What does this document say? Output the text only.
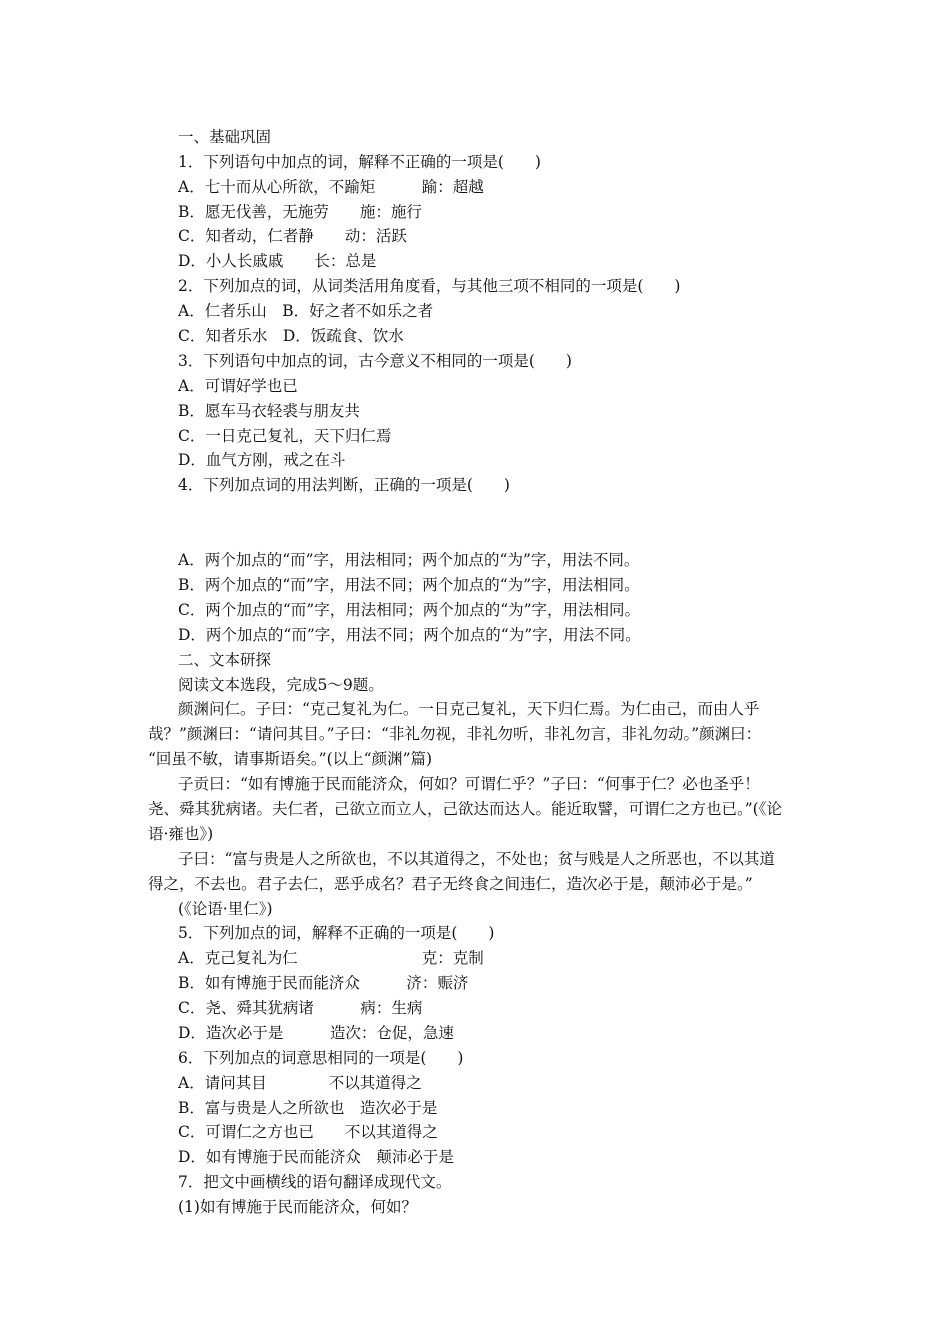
一、基础巩固
1．下列语句中加点的词，解释不正确的一项是(　　)
A．七十而从心所欲，不踰矩　　　踰：超越
B．愿无伐善，无施劳　　施：施行
C．知者动，仁者静　　动：活跃
D．小人长戚戚　　长：总是
2．下列加点的词，从词类活用角度看，与其他三项不相同的一项是(　　)
A．仁者乐山　B．好之者不如乐之者
C．知者乐水　D．饭疏食、饮水
3．下列语句中加点的词，古今意义不相同的一项是(　　)
A．可谓好学也已
B．愿车马衣轻裘与朋友共
C．一日克己复礼，天下归仁焉
D．血气方刚，戒之在斗
4．下列加点词的用法判断，正确的一项是(　　)
A．两个加点的“而”字，用法相同；两个加点的“为”字，用法不同。
B．两个加点的“而”字，用法不同；两个加点的“为”字，用法相同。
C．两个加点的“而”字，用法相同；两个加点的“为”字，用法相同。
D．两个加点的“而”字，用法不同；两个加点的“为”字，用法不同。
二、文本研探
阅读文本选段，完成5～9题。
颜渊问仁。子曰：“克己复礼为仁。一日克己复礼，天下归仁焉。为仁由己，而由人乎
哉？”颜渊曰：“请问其目。”子曰：“非礼勿视，非礼勿听，非礼勿言，非礼勿动。”颜渊曰：
“回虽不敏，请事斯语矣。”(以上“颜渊”篇)
子贡曰：“如有博施于民而能济众，何如？可谓仁乎？”子曰：“何事于仁？必也圣乎！
尧、舜其犹病诸。夫仁者，己欲立而立人，己欲达而达人。能近取譬，可谓仁之方也已。”(《论
语·雍也》)
子曰：“富与贵是人之所欲也，不以其道得之，不处也；贫与贱是人之所恶也，不以其道
得之，不去也。君子去仁，恶乎成名？君子无终食之间违仁，造次必于是，颠沛必于是。”
(《论语·里仁》)
5．下列加点的词，解释不正确的一项是(　　)
A．克己复礼为仁　　　　　　　　克：克制
B．如有博施于民而能济众　　　济：赈济
C．尧、舜其犹病诸　　　病：生病
D．造次必于是　　　造次：仓促，急速
6．下列加点的词意思相同的一项是(　　)
A．请问其目　　　　不以其道得之
B．富与贵是人之所欲也　造次必于是
C．可谓仁之方也已　　不以其道得之
D．如有博施于民而能济众　颠沛必于是
7．把文中画横线的语句翻译成现代文。
(1)如有博施于民而能济众，何如？
